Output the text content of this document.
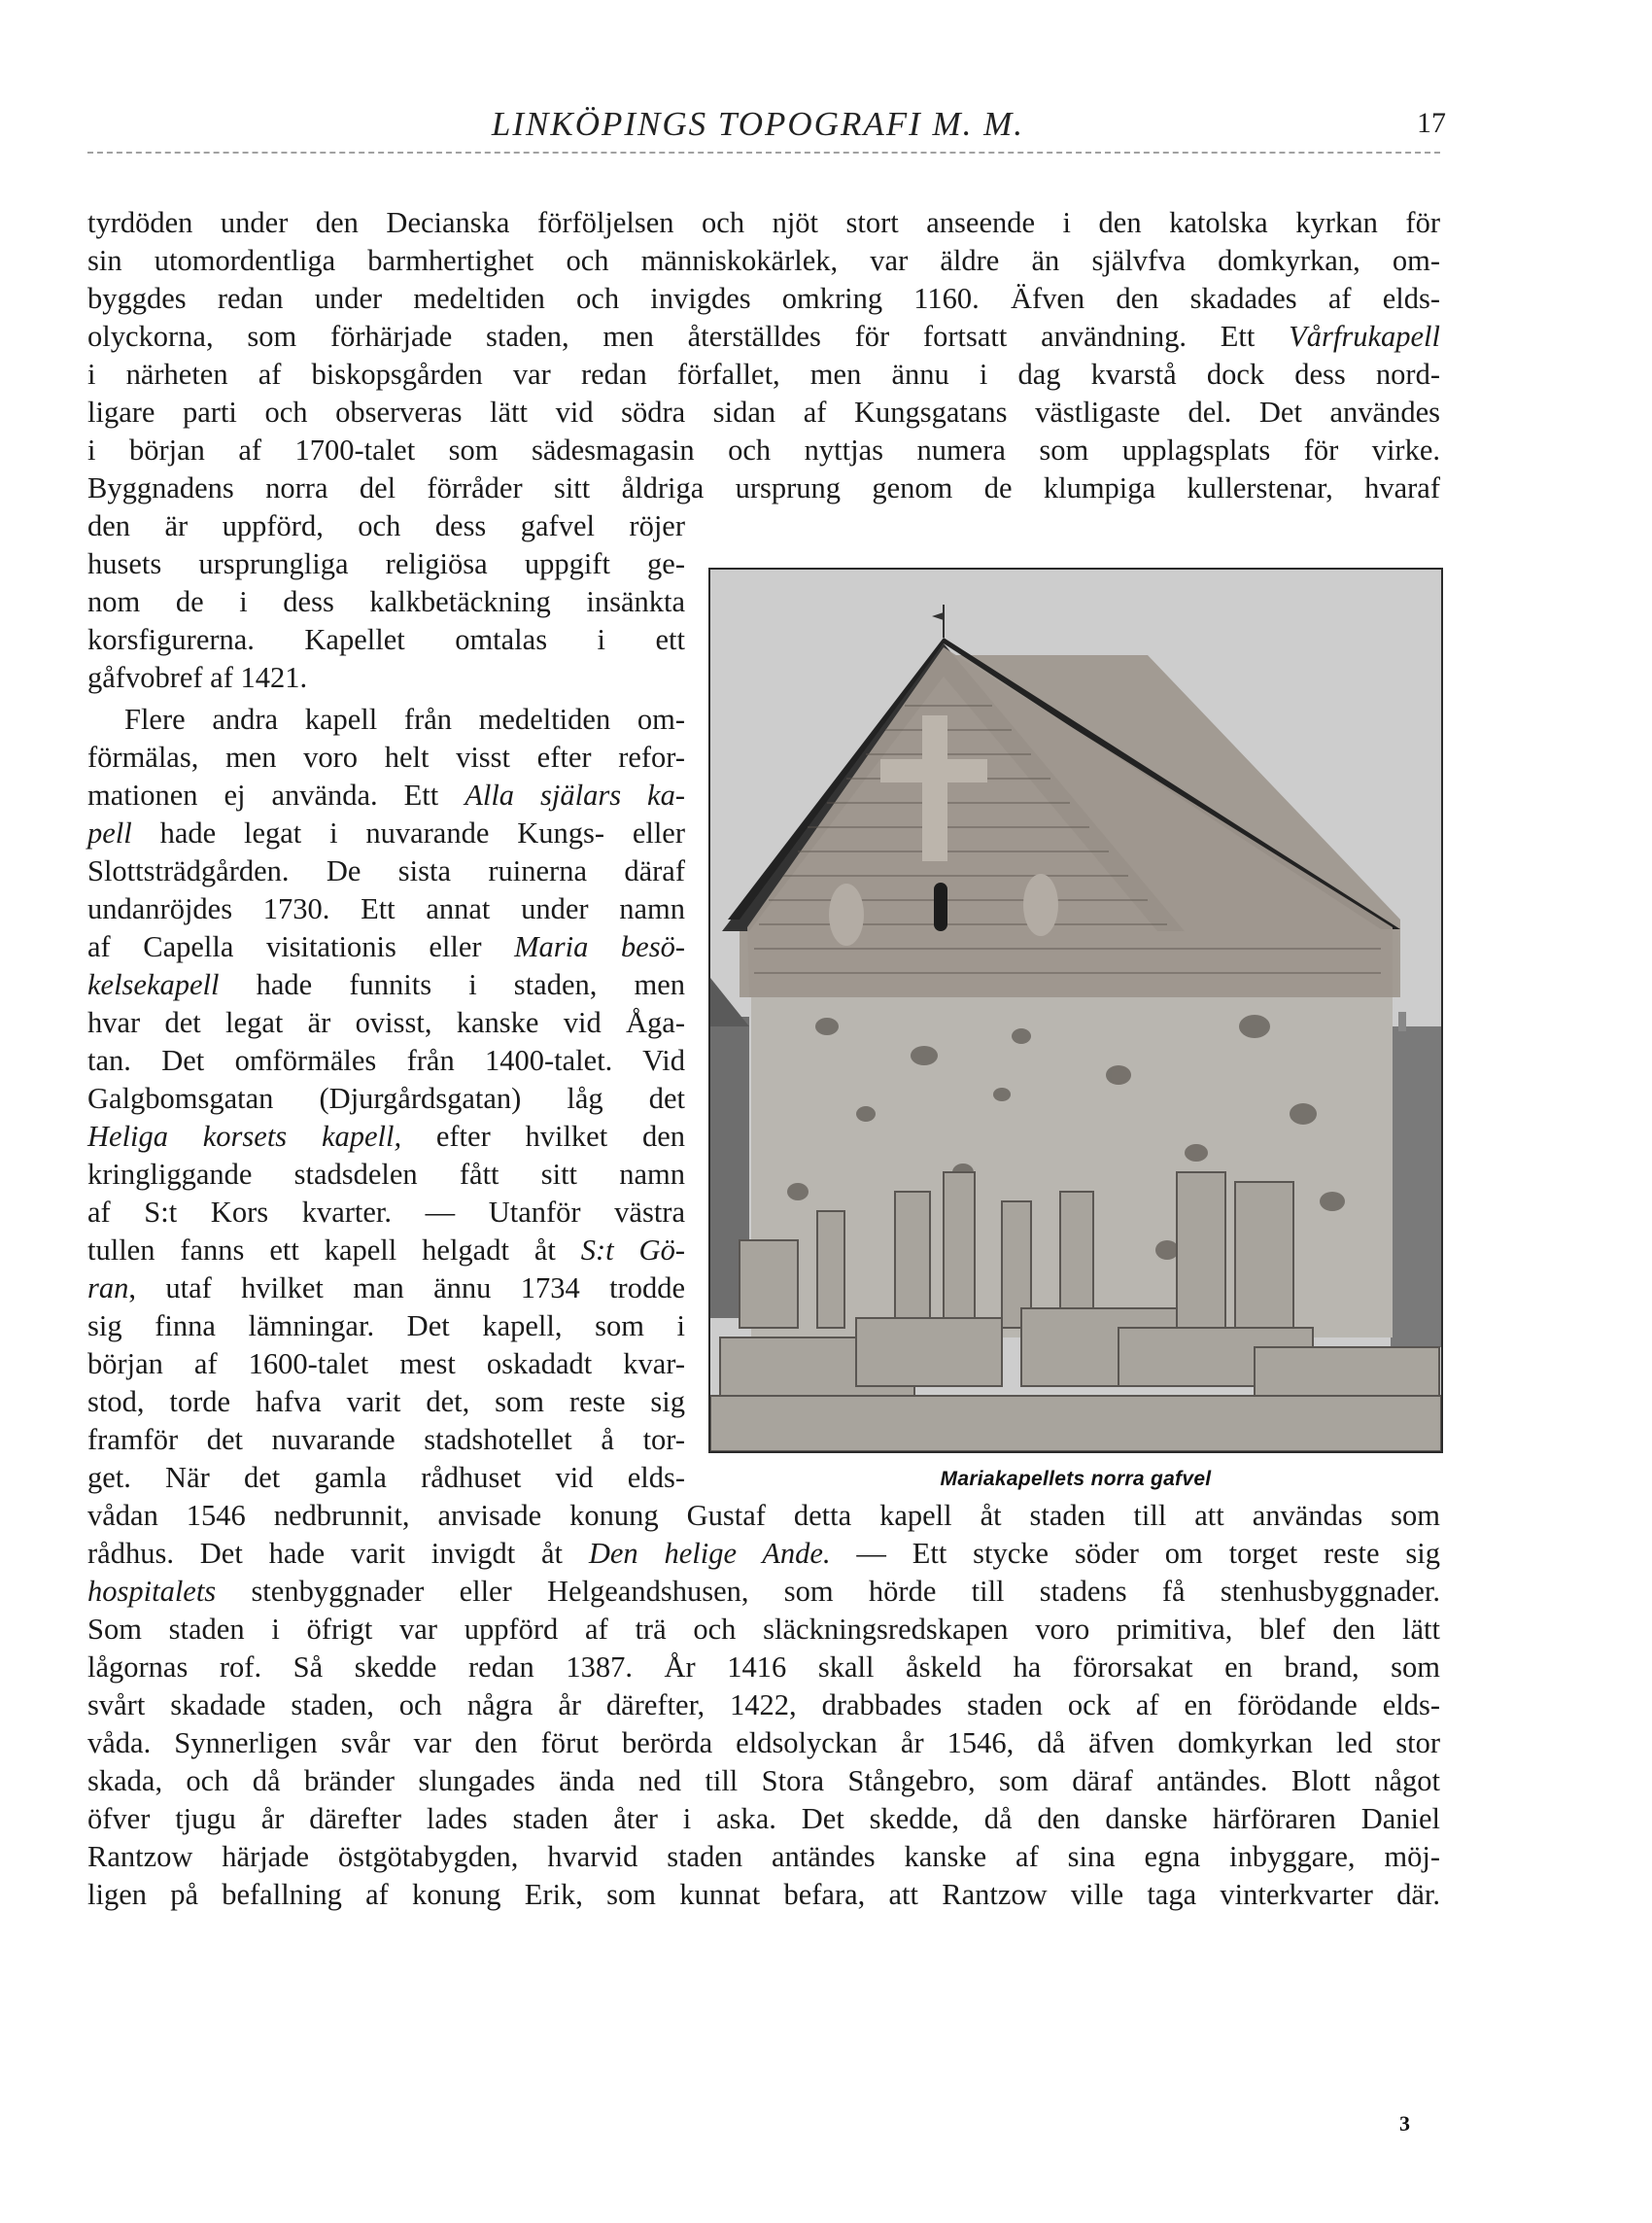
LINKÖPINGS TOPOGRAFI M. M.	17
tyrdöden under den Decianska förföljelsen och njöt stort anseende i den katolska kyrkan för
sin utomordentliga barmhertighet och människokärlek, var äldre än självfva domkyrkan, om-
byggdes redan under medeltiden och invigdes omkring 1160. Äfven den skadades af elds-
olyckorna, som förhärjade staden, men återställdes för fortsatt användning. Ett Vårfrukapell
i närheten af biskopsgården var redan förfallet, men ännu i dag kvarstå dock dess nord-
ligare parti och observeras lätt vid södra sidan af Kungsgatans västligaste del. Det användes
i början af 1700-talet som sädesmagasin och nyttjas numera som upplagsplats för virke.
Byggnadens norra del förråder sitt åldriga ursprung genom de klumpiga kullerstenar, hvaraf
den är uppförd, och dess gafvel röjer
husets ursprungliga religiösa uppgift ge-
nom de i dess kalkbetäckning insänkta
korsfigurerna. Kapellet omtalas i ett
gåfvobref af 1421.
Flere andra kapell från medeltiden om-
förmälas, men voro helt visst efter refor-
mationen ej använda. Ett Alla själars ka-
pell hade legat i nuvarande Kungs- eller
Slottsträdgården. De sista ruinerna däraf
undanröjdes 1730. Ett annat under namn
af Capella visitationis eller Maria besö-
kelsekapell hade funnits i staden, men
hvar det legat är ovisst, kanske vid Åga-
tan. Det omförmäles från 1400-talet. Vid
Galgbomsgatan (Djurgårdsgatan) låg det
Heliga korsets kapell, efter hvilket den
kringliggande stadsdelen fått sitt namn
af S:t Kors kvarter. — Utanför västra
tullen fanns ett kapell helgadt åt S:t Gö-
ran, utaf hvilket man ännu 1734 trodde
sig finna lämningar. Det kapell, som i
början af 1600-talet mest oskadadt kvar-
stod, torde hafva varit det, som reste sig
framför det nuvarande stadshotellet å tor-
get. När det gamla rådhuset vid elds-	Mariakapellets norra gafvel
vådan 1546 nedbrunnit, anvisade konung Gustaf detta kapell åt staden till att användas som
rådhus. Det hade varit invigdt åt Den helige Ande. — Ett stycke söder om torget reste sig
hospitalets stenbyggnader eller Helgeandshusen, som hörde till stadens få stenhusbyggnader.
Som staden i öfrigt var uppförd af trä och släckningsredskapen voro primitiva, blef den lätt
lågornas rof. Så skedde redan 1387. År 1416 skall åskeld ha förorsakat en brand, som
svårt skadade staden, och några år därefter, 1422, drabbades staden ock af en förödande elds-
våda. Synnerligen svår var den förut berörda eldsolyckan år 1546, då äfven domkyrkan led stor
skada, och då bränder slungades ända ned till Stora Stångebro, som däraf antändes. Blott något
öfver tjugu år därefter lades staden åter i aska. Det skedde, då den danske härföraren Daniel
Rantzow härjade östgötabygden, hvarvid staden antändes kanske af sina egna inbyggare, möj-
ligen på befallning af konung Erik, som kunnat befara, att Rantzow ville taga vinterkvarter där.
3
